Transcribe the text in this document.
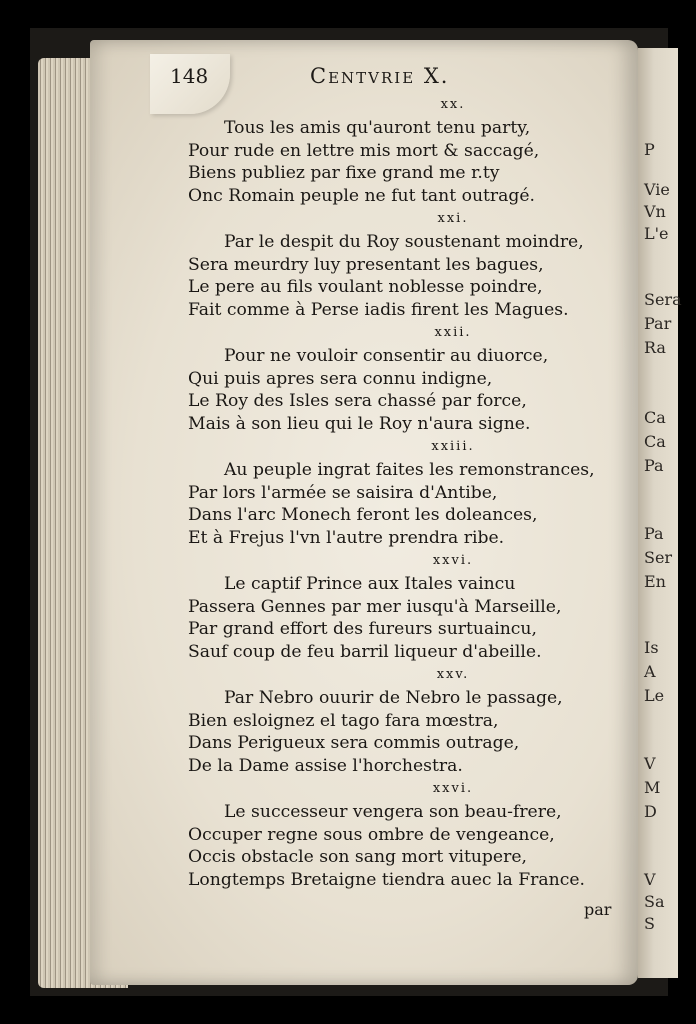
P
Vie
Vn
L'e
Sera
Par
Ra
Ca
Ca
Pa
Pa
Ser
En
Is
A
Le
V
M
D
V
Sa
S
148	Centvrie X.
xx.
Tous les amis qu'auront tenu party,
Pour rude en lettre mis mort & saccagé,
Biens publiez par fixe grand me r.ty
Onc Romain peuple ne fut tant outragé.
xxi.
Par le despit du Roy soustenant moindre,
Sera meurdry luy presentant les bagues,
Le pere au fils voulant noblesse poindre,
Fait comme à Perse iadis firent les Magues.
xxii.
Pour ne vouloir consentir au diuorce,
Qui puis apres sera connu indigne,
Le Roy des Isles sera chassé par force,
Mais à son lieu qui le Roy n'aura signe.
xxiii.
Au peuple ingrat faites les remonstrances,
Par lors l'armée se saisira d'Antibe,
Dans l'arc Monech feront les doleances,
Et à Frejus l'vn l'autre prendra ribe.
xxvi.
Le captif Prince aux Itales vaincu
Passera Gennes par mer iusqu'à Marseille,
Par grand effort des fureurs surtuaincu,
Sauf coup de feu barril liqueur d'abeille.
xxv.
Par Nebro ouurir de Nebro le passage,
Bien esloignez el tago fara mœstra,
Dans Perigueux sera commis outrage,
De la Dame assise l'horchestra.
xxvi.
Le successeur vengera son beau-frere,
Occuper regne sous ombre de vengeance,
Occis obstacle son sang mort vitupere,
Longtemps Bretaigne tiendra auec la France.
par
